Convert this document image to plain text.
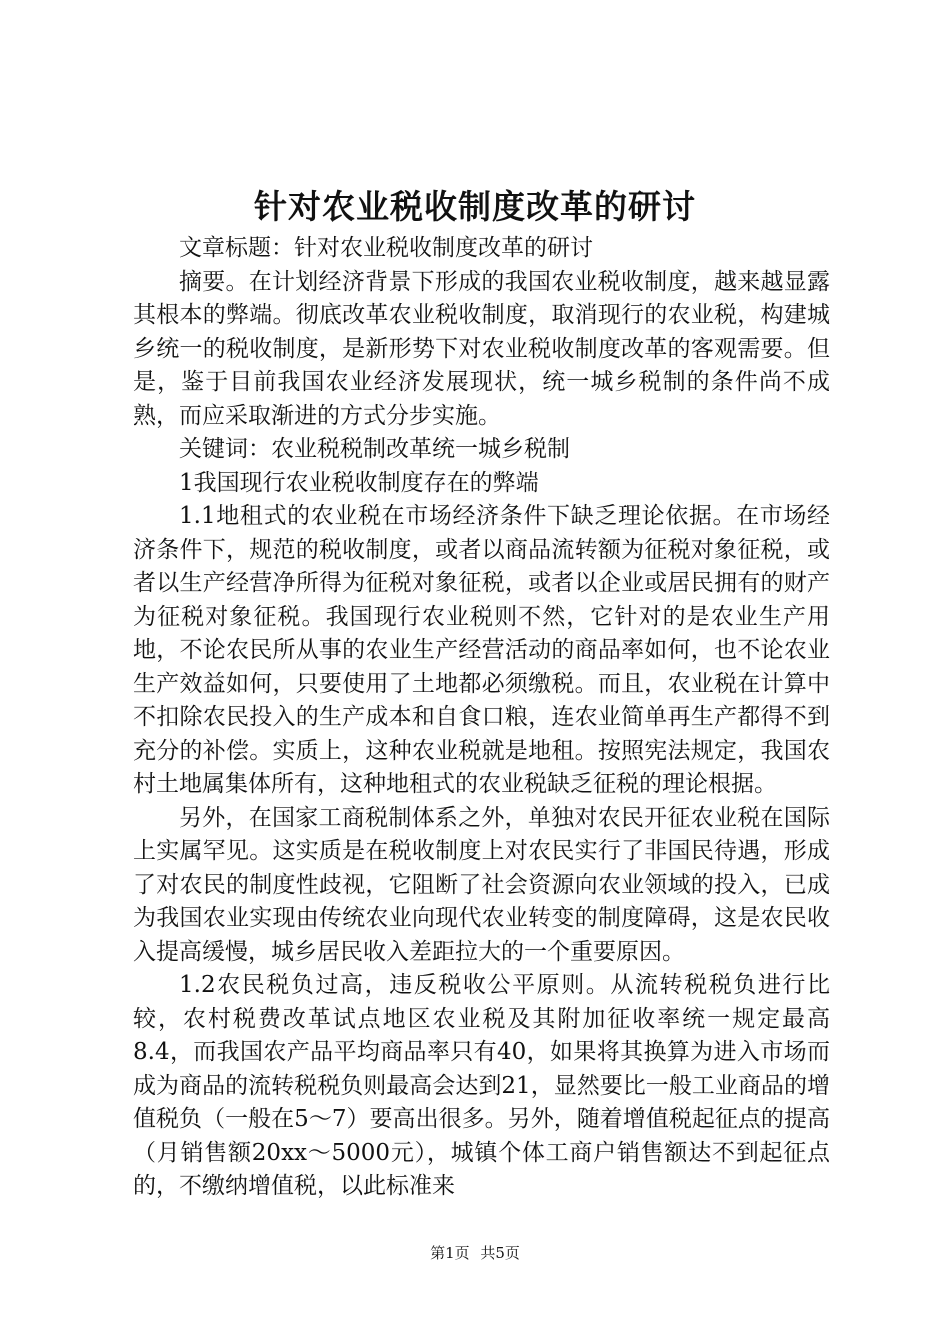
针对农业税收制度改革的研讨

文章标题：针对农业税收制度改革的研讨

摘要。在计划经济背景下形成的我国农业税收制度，越来越显露其根本的弊端。彻底改革农业税收制度，取消现行的农业税，构建城乡统一的税收制度，是新形势下对农业税收制度改革的客观需要。但是，鉴于目前我国农业经济发展现状，统一城乡税制的条件尚不成熟，而应采取渐进的方式分步实施。

关键词：农业税税制改革统一城乡税制

1我国现行农业税收制度存在的弊端

1.1地租式的农业税在市场经济条件下缺乏理论依据。在市场经济条件下，规范的税收制度，或者以商品流转额为征税对象征税，或者以生产经营净所得为征税对象征税，或者以企业或居民拥有的财产为征税对象征税。我国现行农业税则不然，它针对的是农业生产用地，不论农民所从事的农业生产经营活动的商品率如何，也不论农业生产效益如何，只要使用了土地都必须缴税。而且，农业税在计算中不扣除农民投入的生产成本和自食口粮，连农业简单再生产都得不到充分的补偿。实质上，这种农业税就是地租。按照宪法规定，我国农村土地属集体所有，这种地租式的农业税缺乏征税的理论根据。

另外，在国家工商税制体系之外，单独对农民开征农业税在国际上实属罕见。这实质是在税收制度上对农民实行了非国民待遇，形成了对农民的制度性歧视，它阻断了社会资源向农业领域的投入，已成为我国农业实现由传统农业向现代农业转变的制度障碍，这是农民收入提高缓慢，城乡居民收入差距拉大的一个重要原因。

1.2农民税负过高，违反税收公平原则。从流转税税负进行比较，农村税费改革试点地区农业税及其附加征收率统一规定最高8.4，而我国农产品平均商品率只有40，如果将其换算为进入市场而成为商品的流转税税负则最高会达到21，显然要比一般工业商品的增值税负（一般在5～7）要高出很多。另外，随着增值税起征点的提高（月销售额20xx～5000元），城镇个体工商户销售额达不到起征点的，不缴纳增值税，以此标准来

第1页 共5页
